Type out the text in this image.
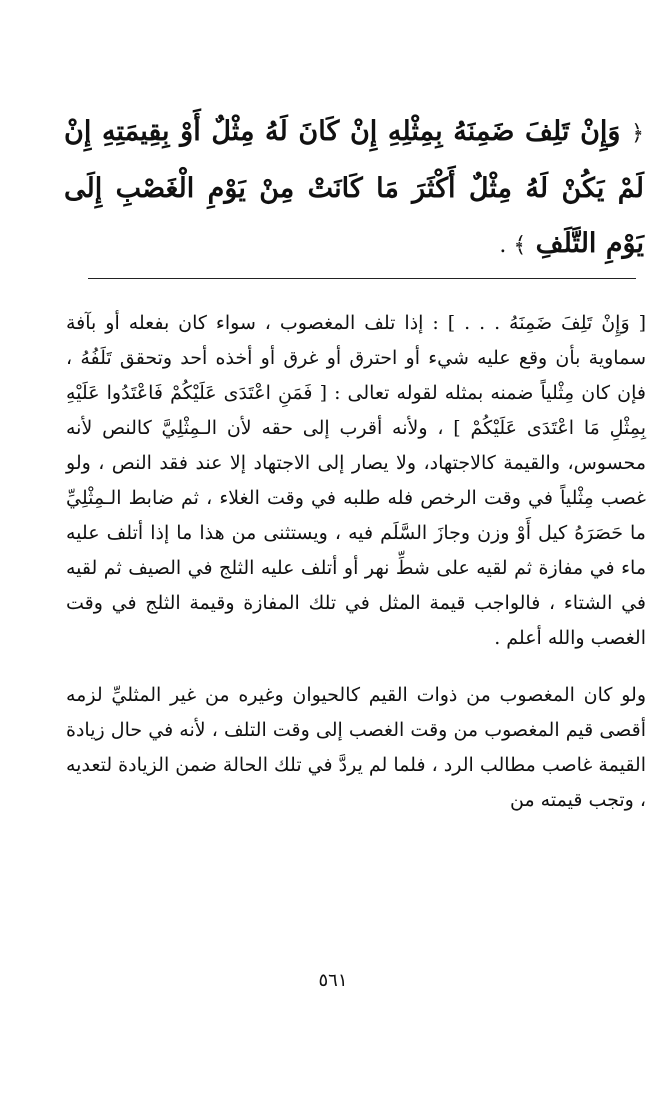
﴿ وَإِنْ تَلِفَ ضَمِنَهُ بِمِثْلِهِ إِنْ كَانَ لَهُ مِثْلٌ أَوْ بِقِيمَتِهِ إِنْ لَمْ يَكُنْ لَهُ مِثْلٌ أَكْثَرَ مَا كَانَتْ مِنْ يَوْمِ الْغَصْبِ إِلَى يَوْمِ التَّلَفِ ﴾ .

[ وَإِنْ تَلِفَ ضَمِنَهُ . . . ] : إذا تلف المغصوب ، سواء كان بفعله أو بآفة سماوية بأن وقع عليه شيء أو احترق أو غرق أو أخذه أحد وتحقق تَلَفُهُ ، فإن كان مِثْلياً ضمنه بمثله لقوله تعالى : [ فَمَنِ اعْتَدَى عَلَيْكُمْ فَاعْتَدُوا عَلَيْهِ بِمِثْلِ مَا اعْتَدَى عَلَيْكُمْ ] ، ولأنه أقرب إلى حقه لأن الـمِثْلِيَّ كالنص لأنه محسوس، والقيمة كالاجتهاد، ولا يصار إلى الاجتهاد إلا عند فقد النص ، ولو غصب مِثْلياً في وقت الرخص فله طلبه في وقت الغلاء ، ثم ضابط الـمِثْلِيِّ ما حَصَرَهُ كيل أَوْ وزن وجازَ السَّلَم فيه ، ويستثنى من هذا ما إذا أتلف عليه ماء في مفازة ثم لقيه على شطِّ نهر أو أتلف عليه الثلج في الصيف ثم لقيه في الشتاء ، فالواجب قيمة المثل في تلك المفازة وقيمة الثلج في وقت الغصب والله أعلم .

ولو كان المغصوب من ذوات القيم كالحيوان وغيره من غير المثليِّ لزمه أقصى قيم المغصوب من وقت الغصب إلى وقت التلف ، لأنه في حال زيادة القيمة غاصب مطالب الرد ، فلما لم يردَّ في تلك الحالة ضمن الزيادة لتعديه ، وتجب قيمته من

٥٦١
